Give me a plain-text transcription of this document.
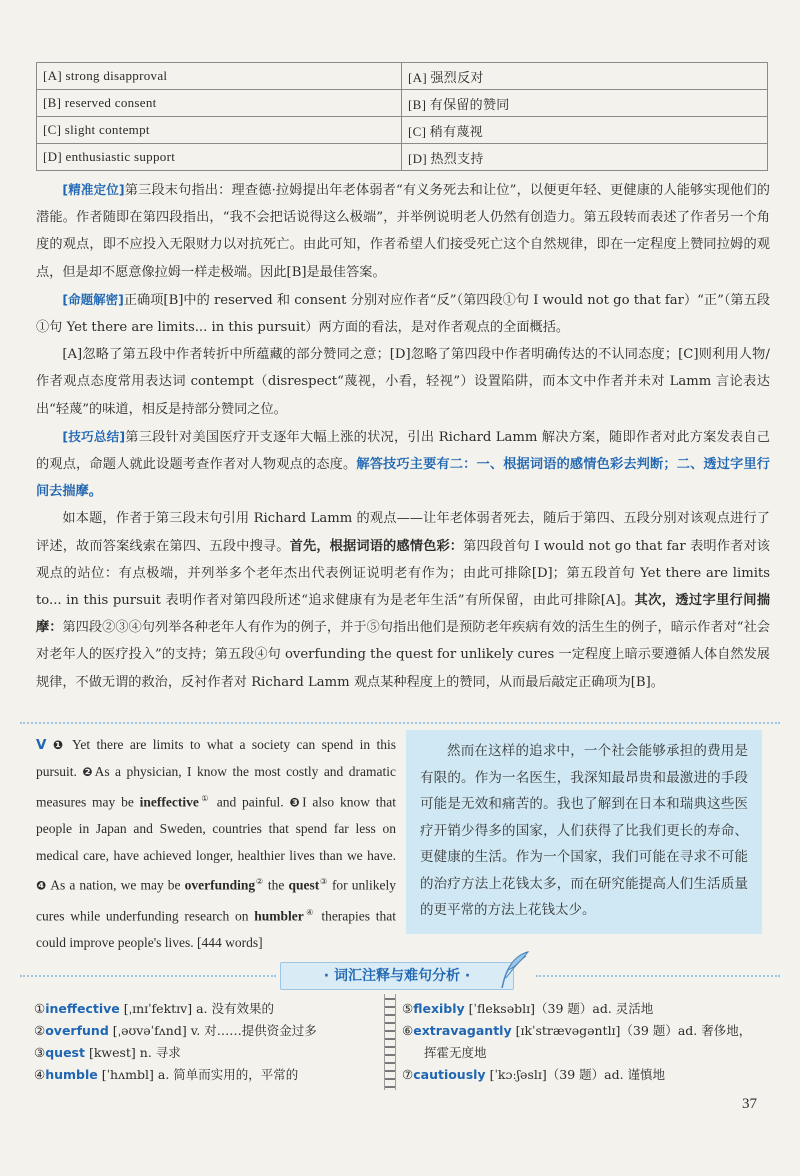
[A] strong disapproval	[A] 强烈反对
[B] reserved consent	[B] 有保留的赞同
[C] slight contempt	[C] 稍有蔑视
[D] enthusiastic support	[D] 热烈支持

[精准定位]第三段末句指出：理查德·拉姆提出年老体弱者“有义务死去和让位”，以便更年轻、更健康的人能够实现他们的潜能。作者随即在第四段指出，“我不会把话说得这么极端”，并举例说明老人仍然有创造力。第五段转而表述了作者另一个角度的观点，即不应投入无限财力以对抗死亡。由此可知，作者希望人们接受死亡这个自然规律，即在一定程度上赞同拉姆的观点，但是却不愿意像拉姆一样走极端。因此[B]是最佳答案。

[命题解密]正确项[B]中的 reserved 和 consent 分别对应作者“反”（第四段①句 I would not go that far）“正”（第五段①句 Yet there are limits... in this pursuit）两方面的看法，是对作者观点的全面概括。

[A]忽略了第五段中作者转折中所蕴藏的部分赞同之意；[D]忽略了第四段中作者明确传达的不认同态度；[C]则利用人物/作者观点态度常用表达词 contempt（disrespect“蔑视，小看，轻视”）设置陷阱，而本文中作者并未对 Lamm 言论表达出“轻蔑”的味道，相反是持部分赞同之位。

[技巧总结]第三段针对美国医疗开支逐年大幅上涨的状况，引出 Richard Lamm 解决方案，随即作者对此方案发表自己的观点，命题人就此设题考查作者对人物观点的态度。解答技巧主要有二：一、根据词语的感情色彩去判断；二、透过字里行间去揣摩。

如本题，作者于第三段末句引用 Richard Lamm 的观点——让年老体弱者死去，随后于第四、五段分别对该观点进行了评述，故而答案线索在第四、五段中搜寻。首先，根据词语的感情色彩：第四段首句 I would not go that far 表明作者对该观点的站位：有点极端，并列举多个老年杰出代表例证说明老有作为；由此可排除[D]；第五段首句 Yet there are limits to... in this pursuit 表明作者对第四段所述“追求健康有为是老年生活”有所保留，由此可排除[A]。其次，透过字里行间揣摩：第四段②③④句列举各种老年人有作为的例子，并于⑤句指出他们是预防老年疾病有效的活生生的例子，暗示作者对“社会对老年人的医疗投入”的支持；第五段④句 overfunding the quest for unlikely cures 一定程度上暗示要遵循人体自然发展规律，不做无谓的救治，反衬作者对 Richard Lamm 观点某种程度上的赞同，从而最后敲定正确项为[B]。

V ❶ Yet there are limits to what a society can spend in this pursuit. ❷As a physician, I know the most costly and dramatic measures may be ineffective① and painful. ❸I also know that people in Japan and Sweden, countries that spend far less on medical care, have achieved longer, healthier lives than we have. ❹ As a nation, we may be overfunding② the quest③ for unlikely cures while underfunding research on humbler④ therapies that could improve people's lives. [444 words]
然而在这样的追求中，一个社会能够承担的费用是有限的。作为一名医生，我深知最昂贵和最激进的手段可能是无效和痛苦的。我也了解到在日本和瑞典这些医疗开销少得多的国家，人们获得了比我们更长的寿命、更健康的生活。作为一个国家，我们可能在寻求不可能的治疗方法上花钱太多，而在研究能提高人们生活质量的更平常的方法上花钱太少。
· 词汇注释与难句分析 ·
①ineffective [ˌɪnɪˈfektɪv] a. 没有效果的
②overfund [ˌəʊvəˈfʌnd] v. 对……提供资金过多
③quest [kwest] n. 寻求
④humble [ˈhʌmbl] a. 简单而实用的，平常的
⑤flexibly [ˈfleksəblɪ]（39 题）ad. 灵活地
⑥extravagantly [ɪkˈstrævəgəntlɪ]（39 题）ad. 奢侈地，
挥霍无度地
⑦cautiously [ˈkɔːʃəslɪ]（39 题）ad. 谨慎地
37
